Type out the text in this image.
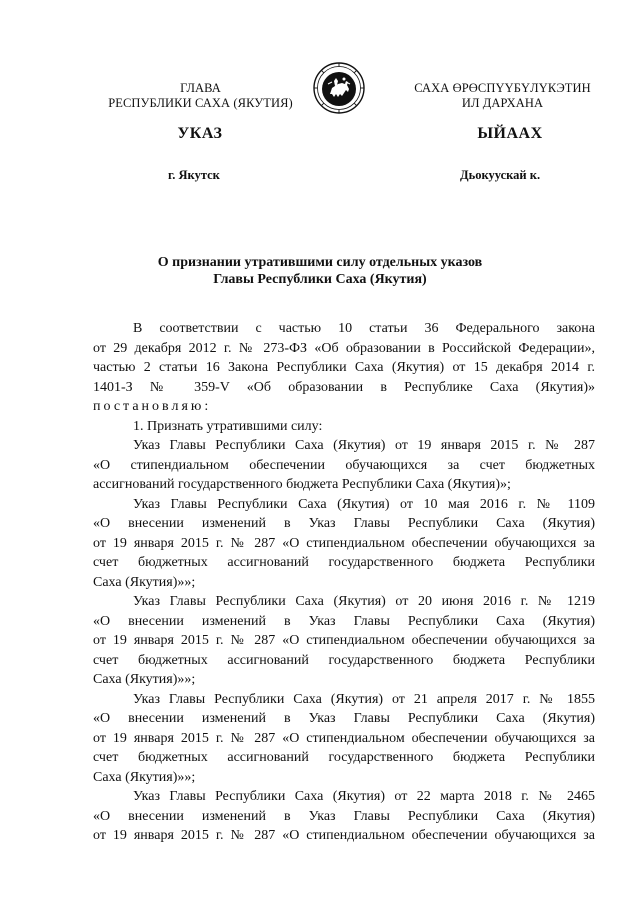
ГЛАВА
РЕСПУБЛИКИ САХА (ЯКУТИЯ)
САХА ӨРӨСПҮҮБҮЛҮКЭТИН
ИЛ ДАРХАНА
УКАЗ	ЫЙААХ
г. Якутск	Дьокуускай к.
О признании утратившими силу отдельных указов
Главы Республики Саха (Якутия)

В соответствии с частью 10 статьи 36 Федерального закона

от 29 декабря 2012 г. № 273-ФЗ «Об образовании в Российской Федерации»,

частью 2 статьи 16 Закона Республики Саха (Якутия) от 15 декабря 2014 г.

1401-З № 359-V «Об образовании в Республике Саха (Якутия)»

постановляю:

1. Признать утратившими силу:

Указ Главы Республики Саха (Якутия) от 19 января 2015 г. № 287

«О стипендиальном обеспечении обучающихся за счет бюджетных

ассигнований государственного бюджета Республики Саха (Якутия)»;

Указ Главы Республики Саха (Якутия) от 10 мая 2016 г. № 1109

«О внесении изменений в Указ Главы Республики Саха (Якутия)

от 19 января 2015 г. № 287 «О стипендиальном обеспечении обучающихся за

счет бюджетных ассигнований государственного бюджета Республики

Саха (Якутия)»»;

Указ Главы Республики Саха (Якутия) от 20 июня 2016 г. № 1219

«О внесении изменений в Указ Главы Республики Саха (Якутия)

от 19 января 2015 г. № 287 «О стипендиальном обеспечении обучающихся за

счет бюджетных ассигнований государственного бюджета Республики

Саха (Якутия)»»;

Указ Главы Республики Саха (Якутия) от 21 апреля 2017 г. № 1855

«О внесении изменений в Указ Главы Республики Саха (Якутия)

от 19 января 2015 г. № 287 «О стипендиальном обеспечении обучающихся за

счет бюджетных ассигнований государственного бюджета Республики

Саха (Якутия)»»;

Указ Главы Республики Саха (Якутия) от 22 марта 2018 г. № 2465

«О внесении изменений в Указ Главы Республики Саха (Якутия)

от 19 января 2015 г. № 287 «О стипендиальном обеспечении обучающихся за
